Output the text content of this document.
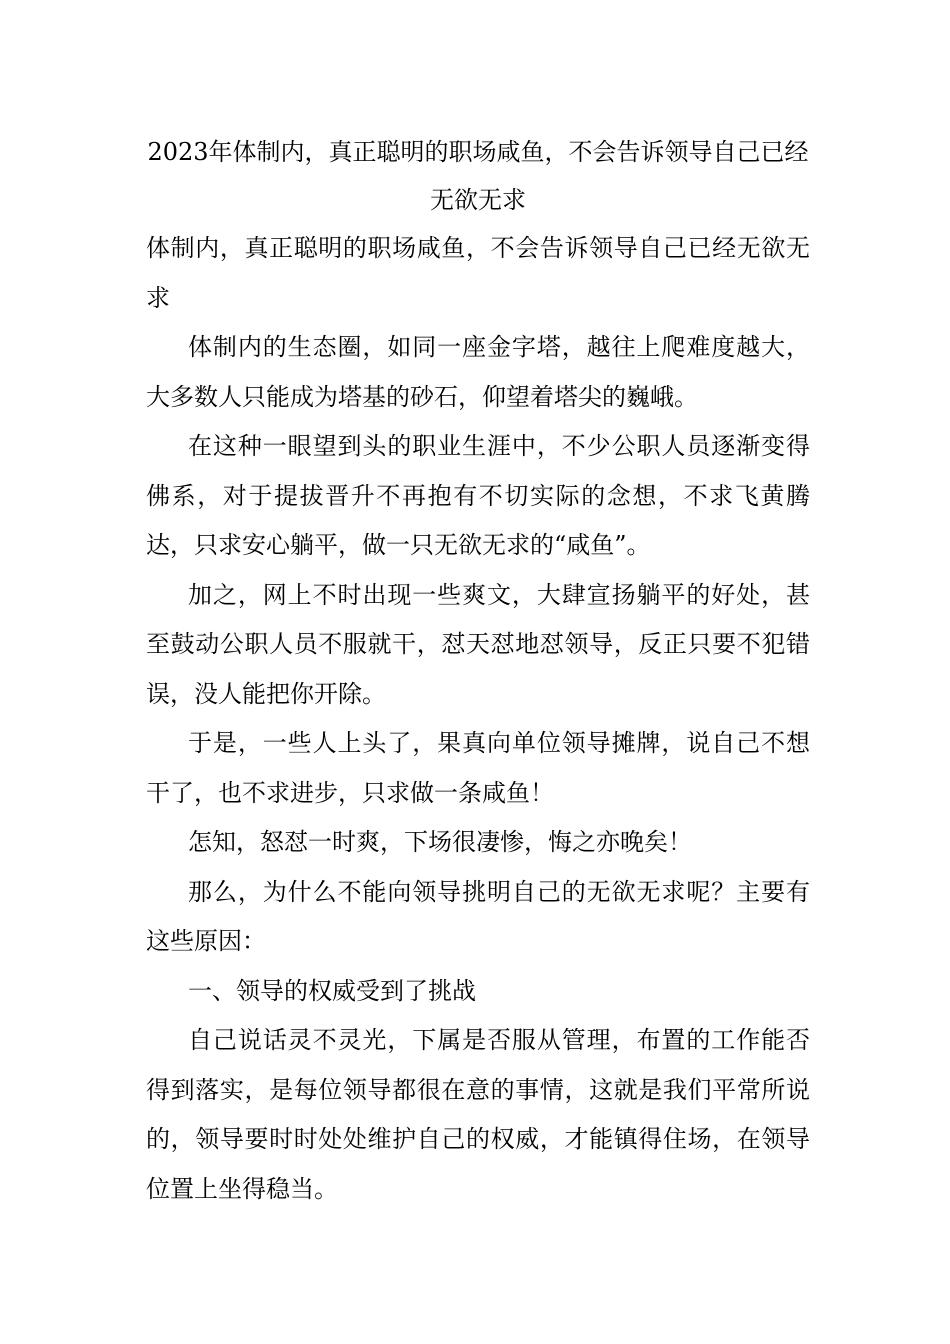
2023年体制内，真正聪明的职场咸鱼，不会告诉领导自己已经无欲无求

体制内，真正聪明的职场咸鱼，不会告诉领导自己已经无欲无求

体制内的生态圈，如同一座金字塔，越往上爬难度越大，大多数人只能成为塔基的砂石，仰望着塔尖的巍峨。

在这种一眼望到头的职业生涯中，不少公职人员逐渐变得佛系，对于提拔晋升不再抱有不切实际的念想，不求飞黄腾达，只求安心躺平，做一只无欲无求的“咸鱼”。

加之，网上不时出现一些爽文，大肆宣扬躺平的好处，甚至鼓动公职人员不服就干，怼天怼地怼领导，反正只要不犯错误，没人能把你开除。

于是，一些人上头了，果真向单位领导摊牌，说自己不想干了，也不求进步，只求做一条咸鱼！

怎知，怒怼一时爽，下场很凄惨，悔之亦晚矣！

那么，为什么不能向领导挑明自己的无欲无求呢？主要有这些原因：

一、领导的权威受到了挑战

自己说话灵不灵光，下属是否服从管理，布置的工作能否得到落实，是每位领导都很在意的事情，这就是我们平常所说的，领导要时时处处维护自己的权威，才能镇得住场，在领导位置上坐得稳当。
